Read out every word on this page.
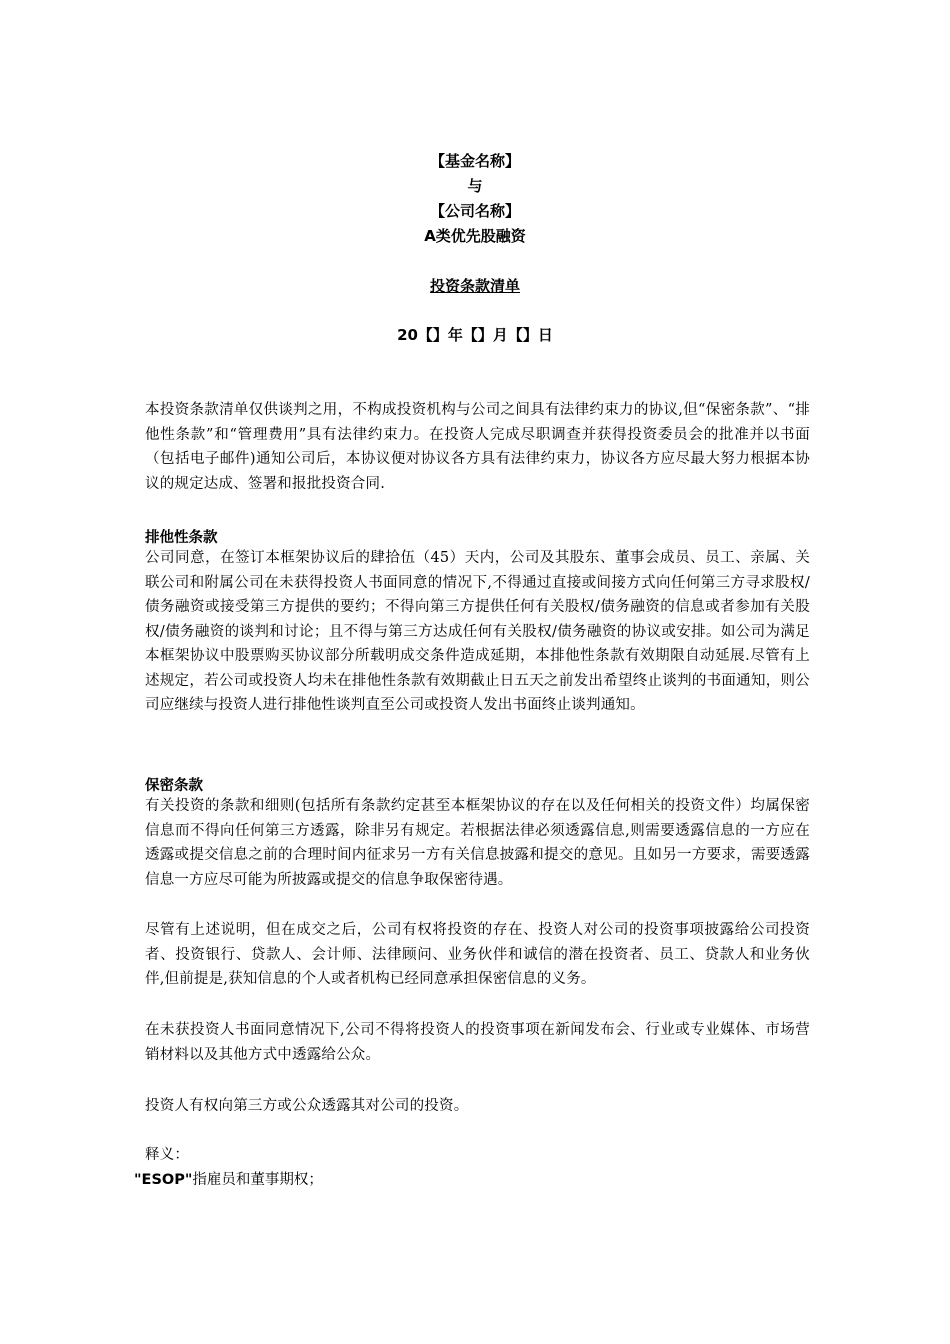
【基金名称】
与
【公司名称】
A类优先股融资
投资条款清单
20【】年【】月【】日
本投资条款清单仅供谈判之用，不构成投资机构与公司之间具有法律约束力的协议,但“保密条款”、“排他性条款”和“管理费用”具有法律约束力。在投资人完成尽职调查并获得投资委员会的批准并以书面（包括电子邮件)通知公司后，本协议便对协议各方具有法律约束力，协议各方应尽最大努力根据本协议的规定达成、签署和报批投资合同.
排他性条款
公司同意，在签订本框架协议后的肆拾伍（45）天内，公司及其股东、董事会成员、员工、亲属、关联公司和附属公司在未获得投资人书面同意的情况下,不得通过直接或间接方式向任何第三方寻求股权/债务融资或接受第三方提供的要约；不得向第三方提供任何有关股权/债务融资的信息或者参加有关股权/债务融资的谈判和讨论；且不得与第三方达成任何有关股权/债务融资的协议或安排。如公司为满足本框架协议中股票购买协议部分所载明成交条件造成延期，本排他性条款有效期限自动延展.尽管有上述规定，若公司或投资人均未在排他性条款有效期截止日五天之前发出希望终止谈判的书面通知，则公司应继续与投资人进行排他性谈判直至公司或投资人发出书面终止谈判通知。
保密条款
有关投资的条款和细则(包括所有条款约定甚至本框架协议的存在以及任何相关的投资文件）均属保密信息而不得向任何第三方透露，除非另有规定。若根据法律必须透露信息,则需要透露信息的一方应在透露或提交信息之前的合理时间内征求另一方有关信息披露和提交的意见。且如另一方要求，需要透露信息一方应尽可能为所披露或提交的信息争取保密待遇。
尽管有上述说明，但在成交之后，公司有权将投资的存在、投资人对公司的投资事项披露给公司投资者、投资银行、贷款人、会计师、法律顾问、业务伙伴和诚信的潜在投资者、员工、贷款人和业务伙伴,但前提是,获知信息的个人或者机构已经同意承担保密信息的义务。
在未获投资人书面同意情况下,公司不得将投资人的投资事项在新闻发布会、行业或专业媒体、市场营销材料以及其他方式中透露给公众。
投资人有权向第三方或公众透露其对公司的投资。
释义：
"ESOP"指雇员和董事期权；
